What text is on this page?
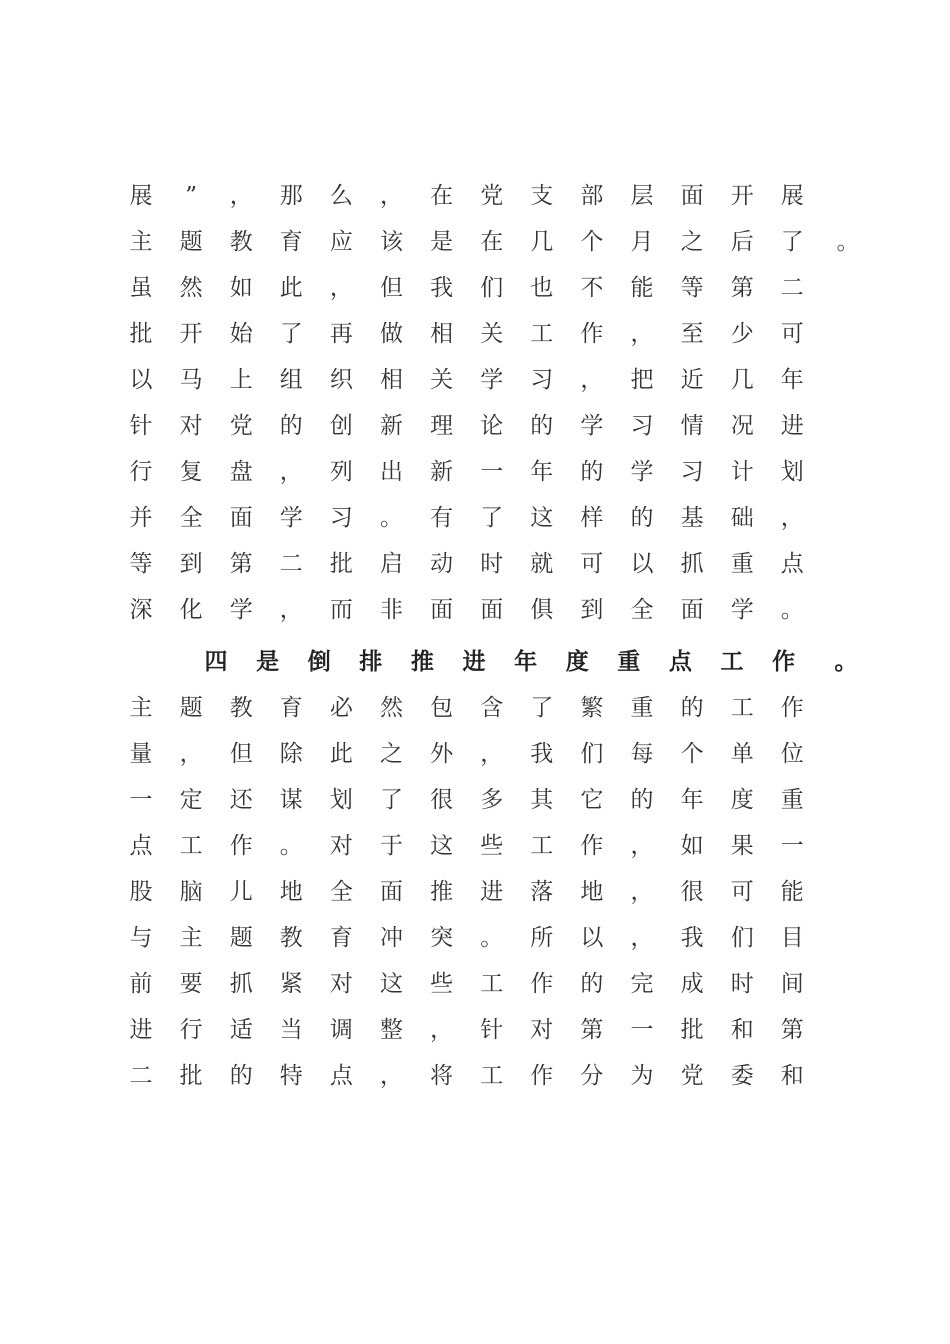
展	”	，	那	么	，	在	党	支	部	层	面	开	展
主	题	教	育	应	该	是	在	几	个	月	之	后	了	。
虽	然	如	此	，	但	我	们	也	不	能	等	第	二
批	开	始	了	再	做	相	关	工	作	，	至	少	可
以	马	上	组	织	相	关	学	习	，	把	近	几	年
针	对	党	的	创	新	理	论	的	学	习	情	况	进
行	复	盘	，	列	出	新	一	年	的	学	习	计	划
并	全	面	学	习	。	有	了	这	样	的	基	础	，
等	到	第	二	批	启	动	时	就	可	以	抓	重	点
深	化	学	，	而	非	面	面	俱	到	全	面	学	。
四	是	倒	排	推	进	年	度	重	点	工	作	。
主	题	教	育	必	然	包	含	了	繁	重	的	工	作
量	，	但	除	此	之	外	，	我	们	每	个	单	位
一	定	还	谋	划	了	很	多	其	它	的	年	度	重
点	工	作	。	对	于	这	些	工	作	，	如	果	一
股	脑	儿	地	全	面	推	进	落	地	，	很	可	能
与	主	题	教	育	冲	突	。	所	以	，	我	们	目
前	要	抓	紧	对	这	些	工	作	的	完	成	时	间
进	行	适	当	调	整	，	针	对	第	一	批	和	第
二	批	的	特	点	，	将	工	作	分	为	党	委	和
